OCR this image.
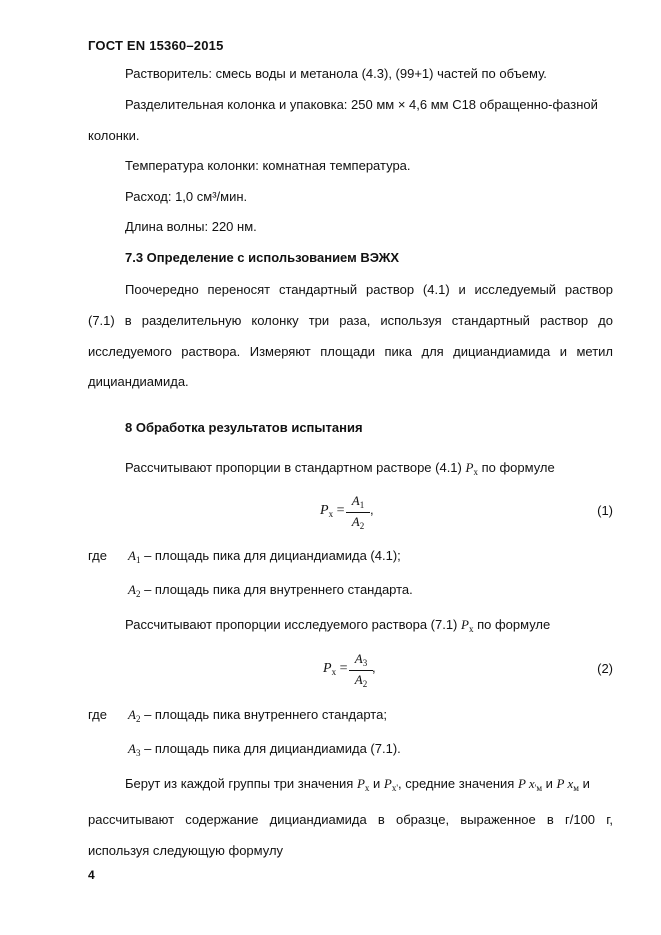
ГОСТ EN 15360–2015
Растворитель: смесь воды и метанола (4.3), (99+1) частей по объему.
Разделительная колонка и упаковка: 250 мм × 4,6 мм С18 обращенно-фазной
колонки.
Температура колонки: комнатная температура.
Расход: 1,0 см³/мин.
Длина волны: 220 нм.
7.3 Определение с использованием ВЭЖХ
Поочередно переносят стандартный раствор (4.1) и исследуемый раствор
(7.1) в разделительную колонку три раза, используя стандартный раствор до
исследуемого раствора. Измеряют площади пика для дициандиамида и метил
дициандиамида.
8 Обработка результатов испытания
Рассчитывают пропорции в стандартном растворе (4.1) $P_x$ по формуле
$P_x$ =
$A_1$
$A_2$
,	(1)
где $A_1$ – площадь пика для дициандиамида (4.1);
$A_2$ – площадь пика для внутреннего стандарта.
Рассчитывают пропорции исследуемого раствора (7.1) $P_x$ по формуле
$P_x$ =
$A_3$
$A_2$
,	(2)
где $A_2$ – площадь пика внутреннего стандарта;
$A_3$ – площадь пика для дициандиамида (7.1).
Берут из каждой группы три значения $P_x$ и $P_{x'}$, средние значения P $x_{'м}$ и P $x_м$ и
рассчитывают содержание дициандиамида в образце, выраженное в г/100 г,
используя следующую формулу
4
